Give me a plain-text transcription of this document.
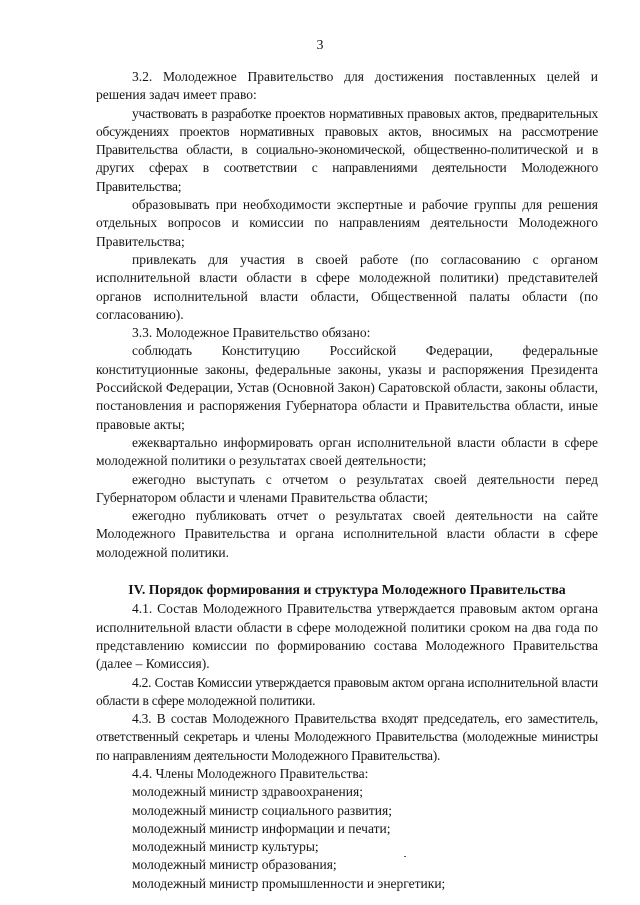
3

3.2. Молодежное Правительство для достижения поставленных целей и решения задач имеет право:

участвовать в разработке проектов нормативных правовых актов, предварительных обсуждениях проектов нормативных правовых актов, вносимых на рассмотрение Правительства области, в социально-экономической, общественно-политической и в других сферах в соответствии с направлениями деятельности Молодежного Правительства;

образовывать при необходимости экспертные и рабочие группы для решения отдельных вопросов и комиссии по направлениям деятельности Молодежного Правительства;

привлекать для участия в своей работе (по согласованию с органом исполнительной власти области в сфере молодежной политики) представителей органов исполнительной власти области, Общественной палаты области (по согласованию).

3.3. Молодежное Правительство обязано:

соблюдать Конституцию Российской Федерации, федеральные конституционные законы, федеральные законы, указы и распоряжения Президента Российской Федерации, Устав (Основной Закон) Саратовской области, законы области, постановления и распоряжения Губернатора области и Правительства области, иные правовые акты;

ежеквартально информировать орган исполнительной власти области в сфере молодежной политики о результатах своей деятельности;

ежегодно выступать с отчетом о результатах своей деятельности перед Губернатором области и членами Правительства области;

ежегодно публиковать отчет о результатах своей деятельности на сайте Молодежного Правительства и органа исполнительной власти области в сфере молодежной политики.

IV. Порядок формирования и структура Молодежного Правительства

4.1. Состав Молодежного Правительства утверждается правовым актом органа исполнительной власти области в сфере молодежной политики сроком на два года по представлению комиссии по формированию состава Молодежного Правительства (далее – Комиссия).

4.2. Состав Комиссии утверждается правовым актом органа исполнительной власти области в сфере молодежной политики.

4.3. В состав Молодежного Правительства входят председатель, его заместитель, ответственный секретарь и члены Молодежного Правительства (молодежные министры по направлениям деятельности Молодежного Правительства).

4.4. Члены Молодежного Правительства:

молодежный министр здравоохранения;

молодежный министр социального развития;

молодежный министр информации и печати;

молодежный министр культуры;

молодежный министр образования;

молодежный министр промышленности и энергетики;
